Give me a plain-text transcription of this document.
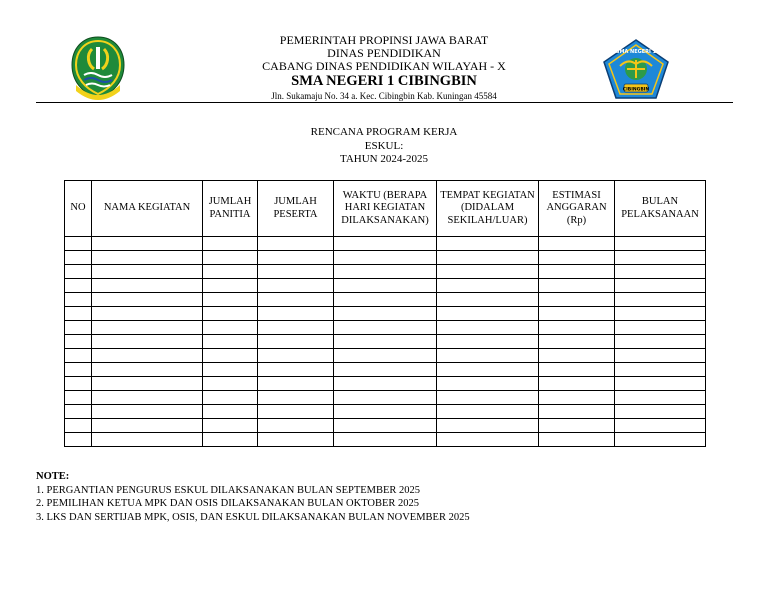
PEMERINTAH PROPINSI JAWA BARAT
DINAS PENDIDIKAN
CABANG DINAS PENDIDIKAN WILAYAH - X
SMA NEGERI 1 CIBINGBIN
Jln. Sukamaju No. 34 a. Kec. Cibingbin Kab. Kuningan 45584
SMA NEGERI 1
CIBINGBIN
RENCANA PROGRAM KERJA
ESKUL:
TAHUN 2024-2025
NO	NAMA KEGIATAN	JUMLAH PANITIA	JUMLAH PESERTA	WAKTU (BERAPA HARI KEGIATAN DILAKSANAKAN)	TEMPAT KEGIATAN (DIDALAM SEKILAH/LUAR)	ESTIMASI ANGGARAN (Rp)	BULAN PELAKSANAAN

NOTE:
1. PERGANTIAN PENGURUS ESKUL DILAKSANAKAN BULAN SEPTEMBER 2025
2. PEMILIHAN KETUA MPK DAN OSIS DILAKSANAKAN BULAN OKTOBER 2025
3. LKS DAN SERTIJAB MPK, OSIS, DAN ESKUL DILAKSANAKAN BULAN NOVEMBER 2025
